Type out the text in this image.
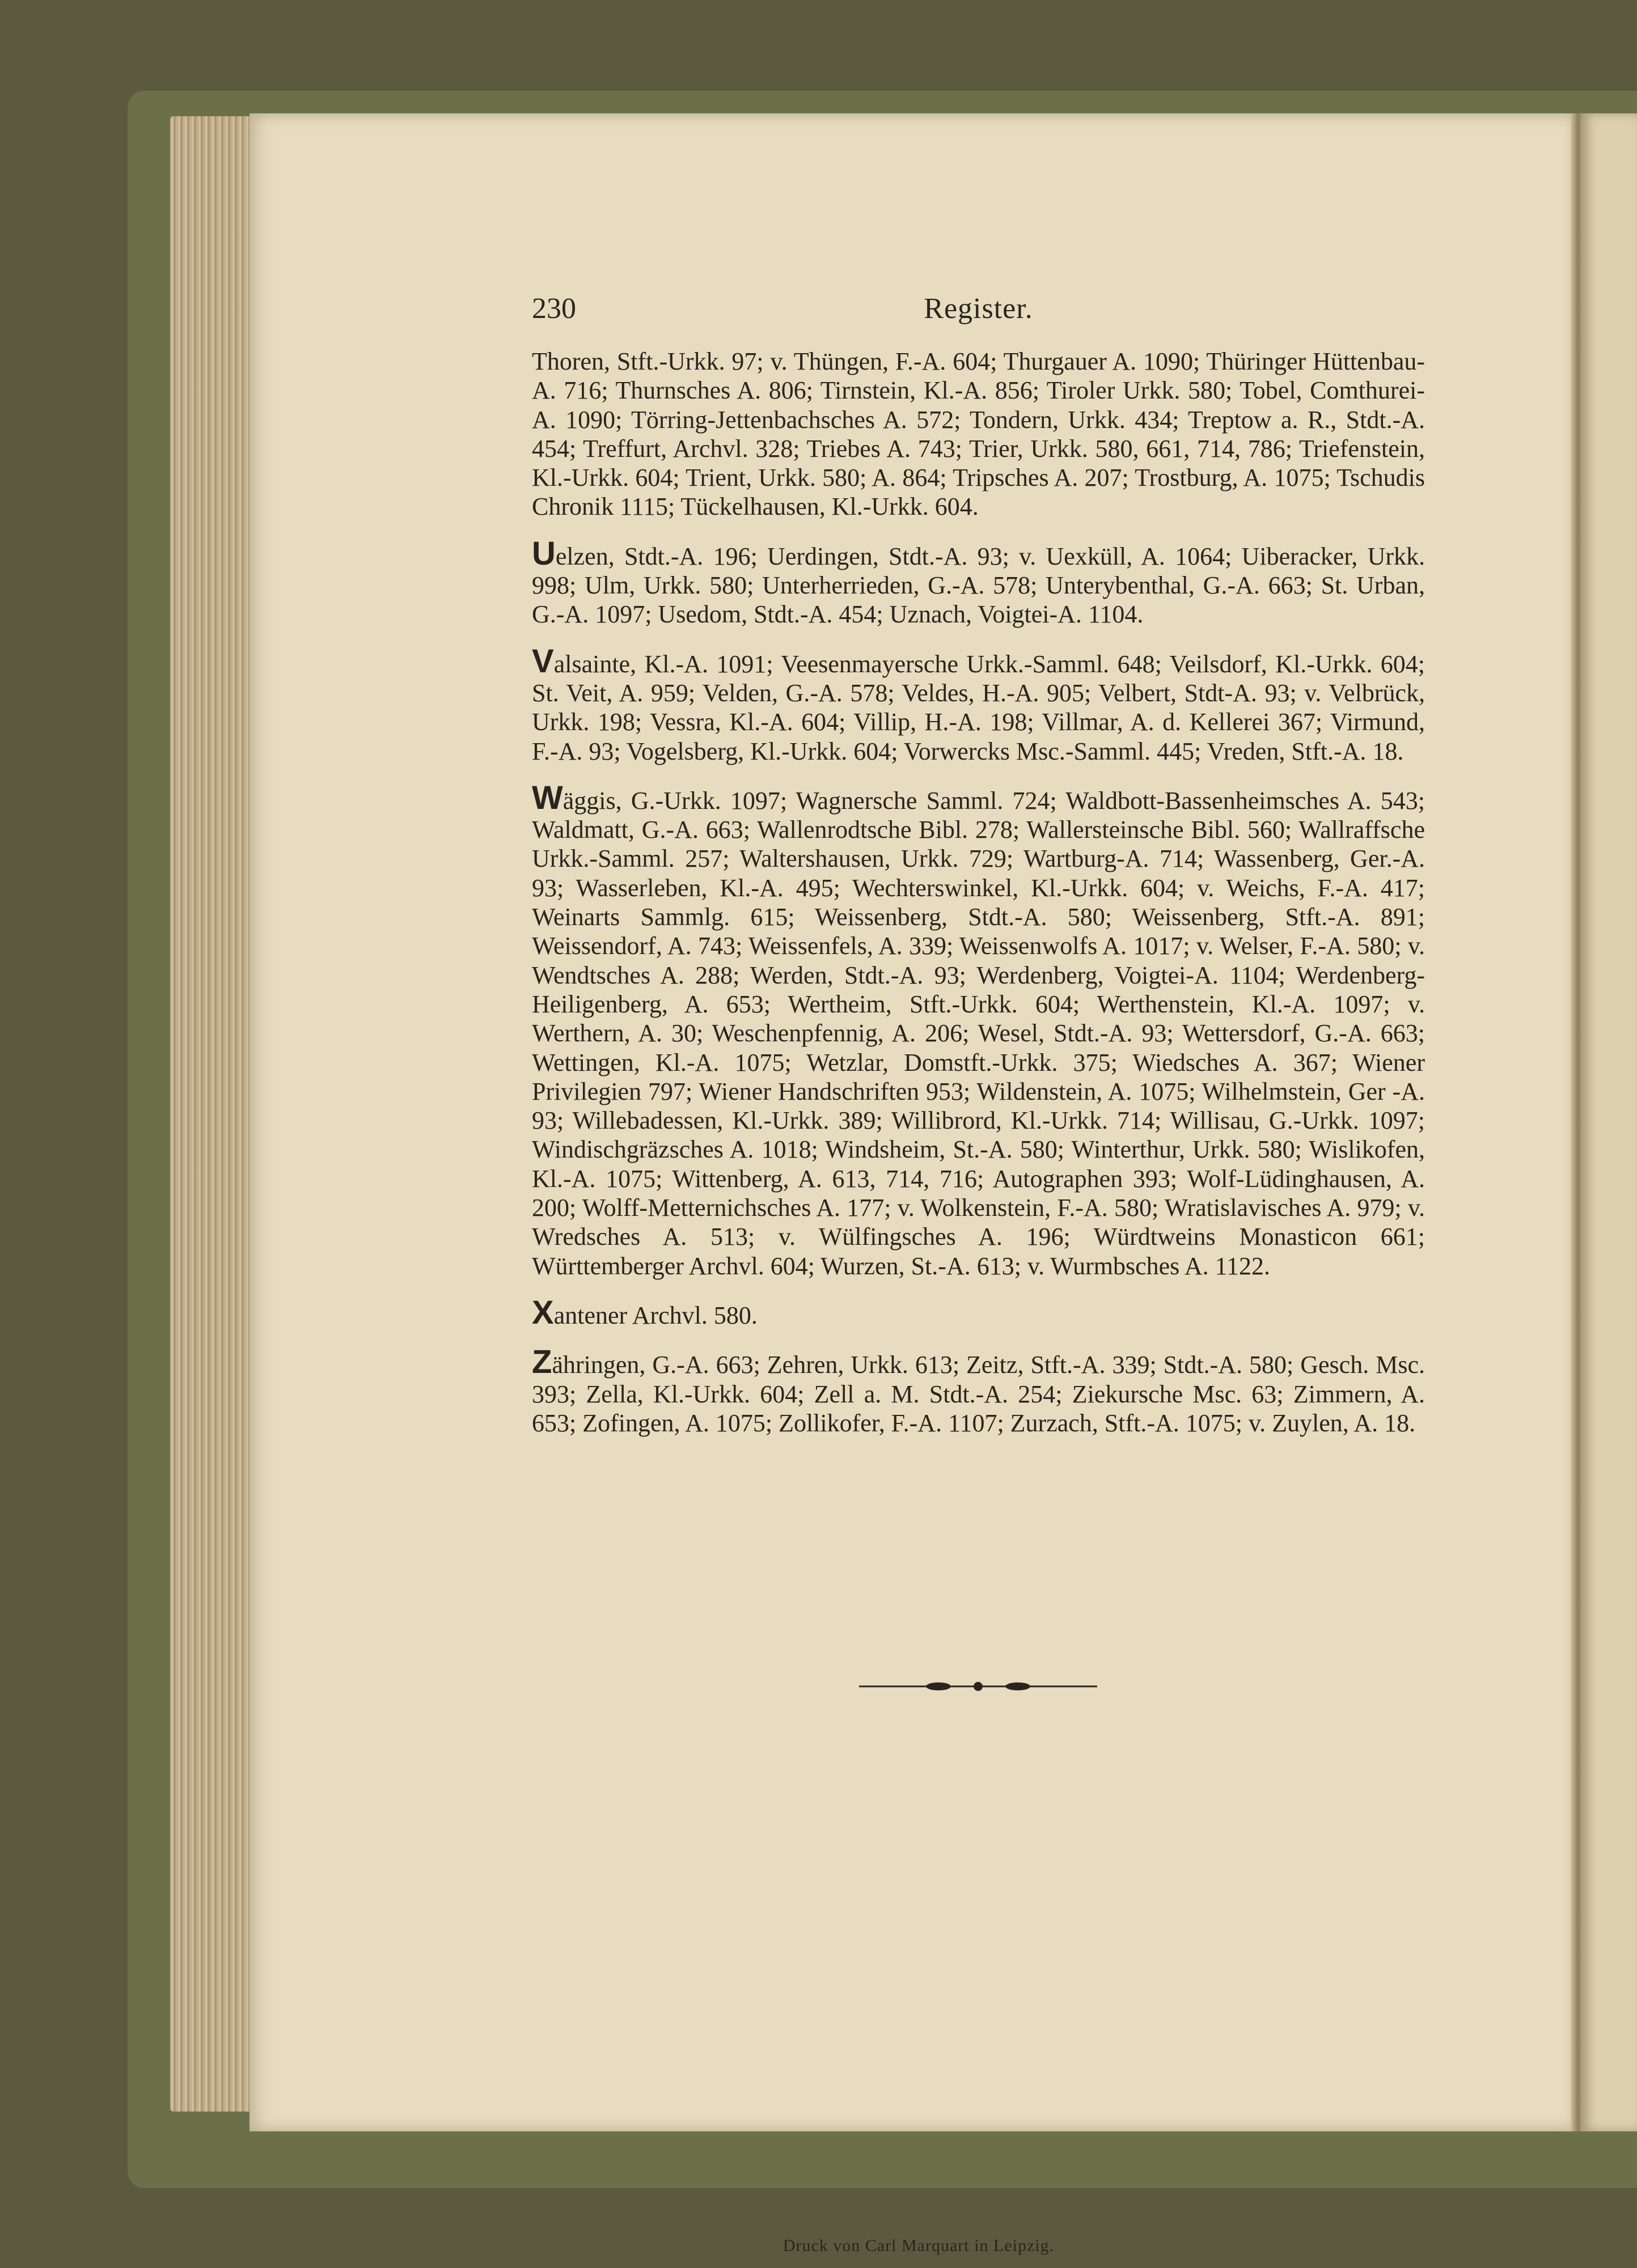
230	Register.

Thoren, Stft.-Urkk. 97; v. Thüngen, F.-A. 604; Thurgauer A. 1090; Thüringer Hüttenbau-A. 716; Thurnsches A. 806; Tirnstein, Kl.-A. 856; Tiroler Urkk. 580; Tobel, Comthurei-A. 1090; Törring-Jettenbachsches A. 572; Tondern, Urkk. 434; Treptow a. R., Stdt.-A. 454; Treffurt, Archvl. 328; Triebes A. 743; Trier, Urkk. 580, 661, 714, 786; Triefenstein, Kl.-Urkk. 604; Trient, Urkk. 580; A. 864; Tripsches A. 207; Trostburg, A. 1075; Tschudis Chronik 1115; Tückelhausen, Kl.-Urkk. 604.

Uelzen, Stdt.-A. 196; Uerdingen, Stdt.-A. 93; v. Uexküll, A. 1064; Uiberacker, Urkk. 998; Ulm, Urkk. 580; Unterherrieden, G.-A. 578; Unterybenthal, G.-A. 663; St. Urban, G.-A. 1097; Usedom, Stdt.-A. 454; Uznach, Voigtei-A. 1104.

Valsainte, Kl.-A. 1091; Veesenmayersche Urkk.-Samml. 648; Veilsdorf, Kl.-Urkk. 604; St. Veit, A. 959; Velden, G.-A. 578; Veldes, H.-A. 905; Velbert, Stdt-A. 93; v. Velbrück, Urkk. 198; Vessra, Kl.-A. 604; Villip, H.-A. 198; Villmar, A. d. Kellerei 367; Virmund, F.-A. 93; Vogelsberg, Kl.-Urkk. 604; Vorwercks Msc.-Samml. 445; Vreden, Stft.-A. 18.

Wäggis, G.-Urkk. 1097; Wagnersche Samml. 724; Waldbott-Bassenheimsches A. 543; Waldmatt, G.-A. 663; Wallenrodtsche Bibl. 278; Wallersteinsche Bibl. 560; Wallraffsche Urkk.-Samml. 257; Waltershausen, Urkk. 729; Wartburg-A. 714; Wassenberg, Ger.-A. 93; Wasserleben, Kl.-A. 495; Wechterswinkel, Kl.-Urkk. 604; v. Weichs, F.-A. 417; Weinarts Sammlg. 615; Weissenberg, Stdt.-A. 580; Weissenberg, Stft.-A. 891; Weissendorf, A. 743; Weissenfels, A. 339; Weissenwolfs A. 1017; v. Welser, F.-A. 580; v. Wendtsches A. 288; Werden, Stdt.-A. 93; Werdenberg, Voigtei-A. 1104; Werdenberg-Heiligenberg, A. 653; Wertheim, Stft.-Urkk. 604; Werthenstein, Kl.-A. 1097; v. Werthern, A. 30; Weschenpfennig, A. 206; Wesel, Stdt.-A. 93; Wettersdorf, G.-A. 663; Wettingen, Kl.-A. 1075; Wetzlar, Domstft.-Urkk. 375; Wiedsches A. 367; Wiener Privilegien 797; Wiener Handschriften 953; Wildenstein, A. 1075; Wilhelmstein, Ger -A. 93; Willebadessen, Kl.-Urkk. 389; Willibrord, Kl.-Urkk. 714; Willisau, G.-Urkk. 1097; Windischgräzsches A. 1018; Windsheim, St.-A. 580; Winterthur, Urkk. 580; Wislikofen, Kl.-A. 1075; Wittenberg, A. 613, 714, 716; Autographen 393; Wolf-Lüdinghausen, A. 200; Wolff-Metternichsches A. 177; v. Wolkenstein, F.-A. 580; Wratislavisches A. 979; v. Wredsches A. 513; v. Wülfingsches A. 196; Würdtweins Monasticon 661; Württemberger Archvl. 604; Wurzen, St.-A. 613; v. Wurmbsches A. 1122.

Xantener Archvl. 580.

Zähringen, G.-A. 663; Zehren, Urkk. 613; Zeitz, Stft.-A. 339; Stdt.-A. 580; Gesch. Msc. 393; Zella, Kl.-Urkk. 604; Zell a. M. Stdt.-A. 254; Ziekursche Msc. 63; Zimmern, A. 653; Zofingen, A. 1075; Zollikofer, F.-A. 1107; Zurzach, Stft.-A. 1075; v. Zuylen, A. 18.

Druck von Carl Marquart in Leipzig.
